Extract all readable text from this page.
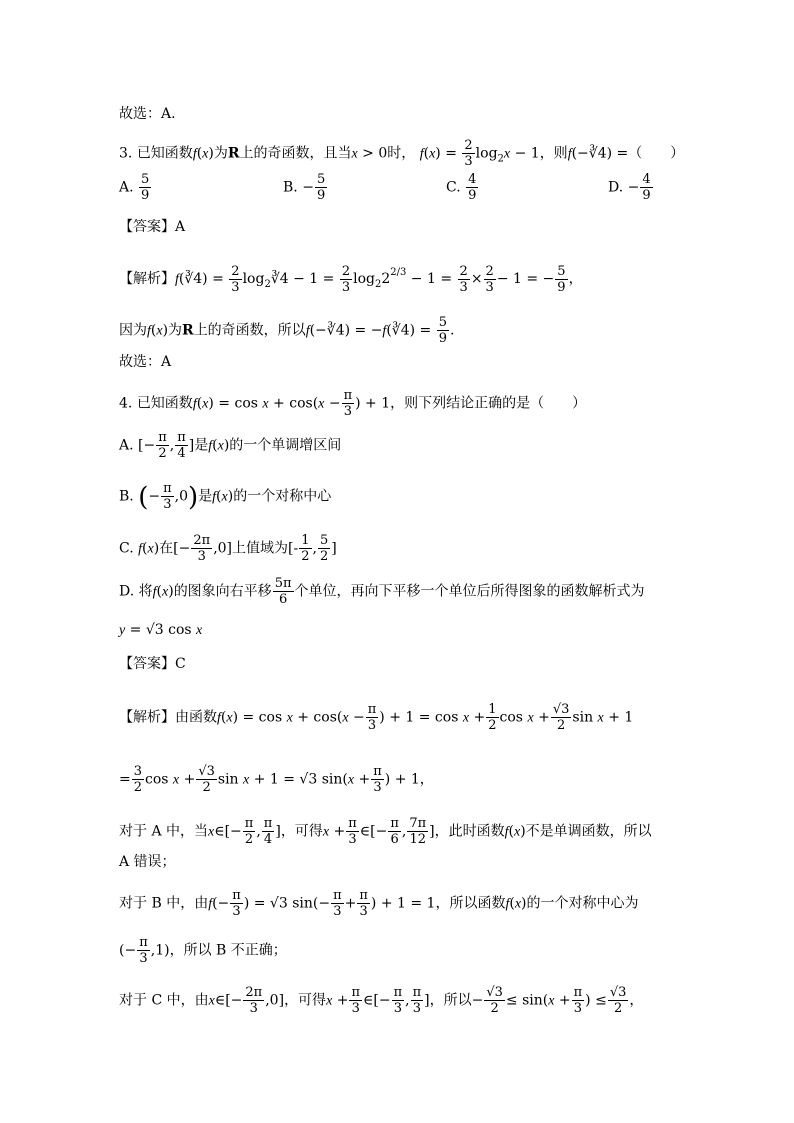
故选：A.
3. 已知函数f(x)为R上的奇函数，且当x > 0时， $f(x) = \frac{2}{3} \log_2x - 1$，则f(−∛4) =（　　）
A. $\frac{5}{9}$	B. − $\frac{5}{9}$	C. $\frac{4}{9}$	D. − $\frac{4}{9}$
【答案】A
【解析】f(∛4) = $\frac{2}{3}$ $\log_2∛4 - 1 = \frac{2}{3} \log_22^{2/3} - 1 = \frac{2}{3} \times \frac{2}{3} - 1$ = − $\frac{5}{9}$ ，
因为f(x)为R上的奇函数，所以f(−∛4) = −f(∛4) = $\frac{5}{9}$ .
故选：A
4. 已知函数$f(x) = \cos x + \cos(x - \frac{\pi}{3}$ ) + 1，则下列结论正确的是（　　）
A. [− $\frac{\pi}{2}$ , $\frac{\pi}{4}$ ]是f(x)的一个单调增区间
B. (− $\frac{\pi}{3} ,0$)是f(x)的一个对称中心
C. f(x)在[− $\frac{2\pi}{3} ,0$]上值域为[- $\frac{1}{2}$ , $\frac{5}{2}$ ]
D. 将f(x)的图象向右平移 $\frac{5\pi}{6}$ 个单位，再向下平移一个单位后所得图象的函数解析式为
y = √3 cos x
【答案】C
【解析】由函数$f(x) = \cos x + \cos(x - \frac{\pi}{3}$ ) + $1 = \cos x + \frac{1}{2}$ $\cos x + \frac{√3}{2}$ sin x + 1
= $\frac{3}{2}$ $\cos x + \frac{√3}{2}$ sin x + 1 = √3 $\sin(x + \frac{\pi}{3}$ ) + 1，
对于 A 中，当x∈[− $\frac{\pi}{2}$ , $\frac{\pi}{4}$ ]，可得$x + \frac{\pi}{3}$ ∈[− $\frac{\pi}{6}$ , $\frac{7\pi}{12}$ ]，此时函数f(x)不是单调函数，所以
A 错误；
对于 B 中，由$f(- \frac{\pi}{3}$ ) = √3 $\sin(- \frac{\pi}{3} + \frac{\pi}{3}$ ) + 1 = 1，所以函数f(x)的一个对称中心为
(− $\frac{\pi}{3} ,1$)，所以 B 不正确；
对于 C 中，由x∈[− $\frac{2\pi}{3} ,0$]，可得$x + \frac{\pi}{3}$ ∈[− $\frac{\pi}{3}$ , $\frac{\pi}{3}$ ]，所以− $\frac{√3}{2} \le \sin(x + \frac{\pi}{3}$ ) ≤ $\frac{√3}{2}$ ，
